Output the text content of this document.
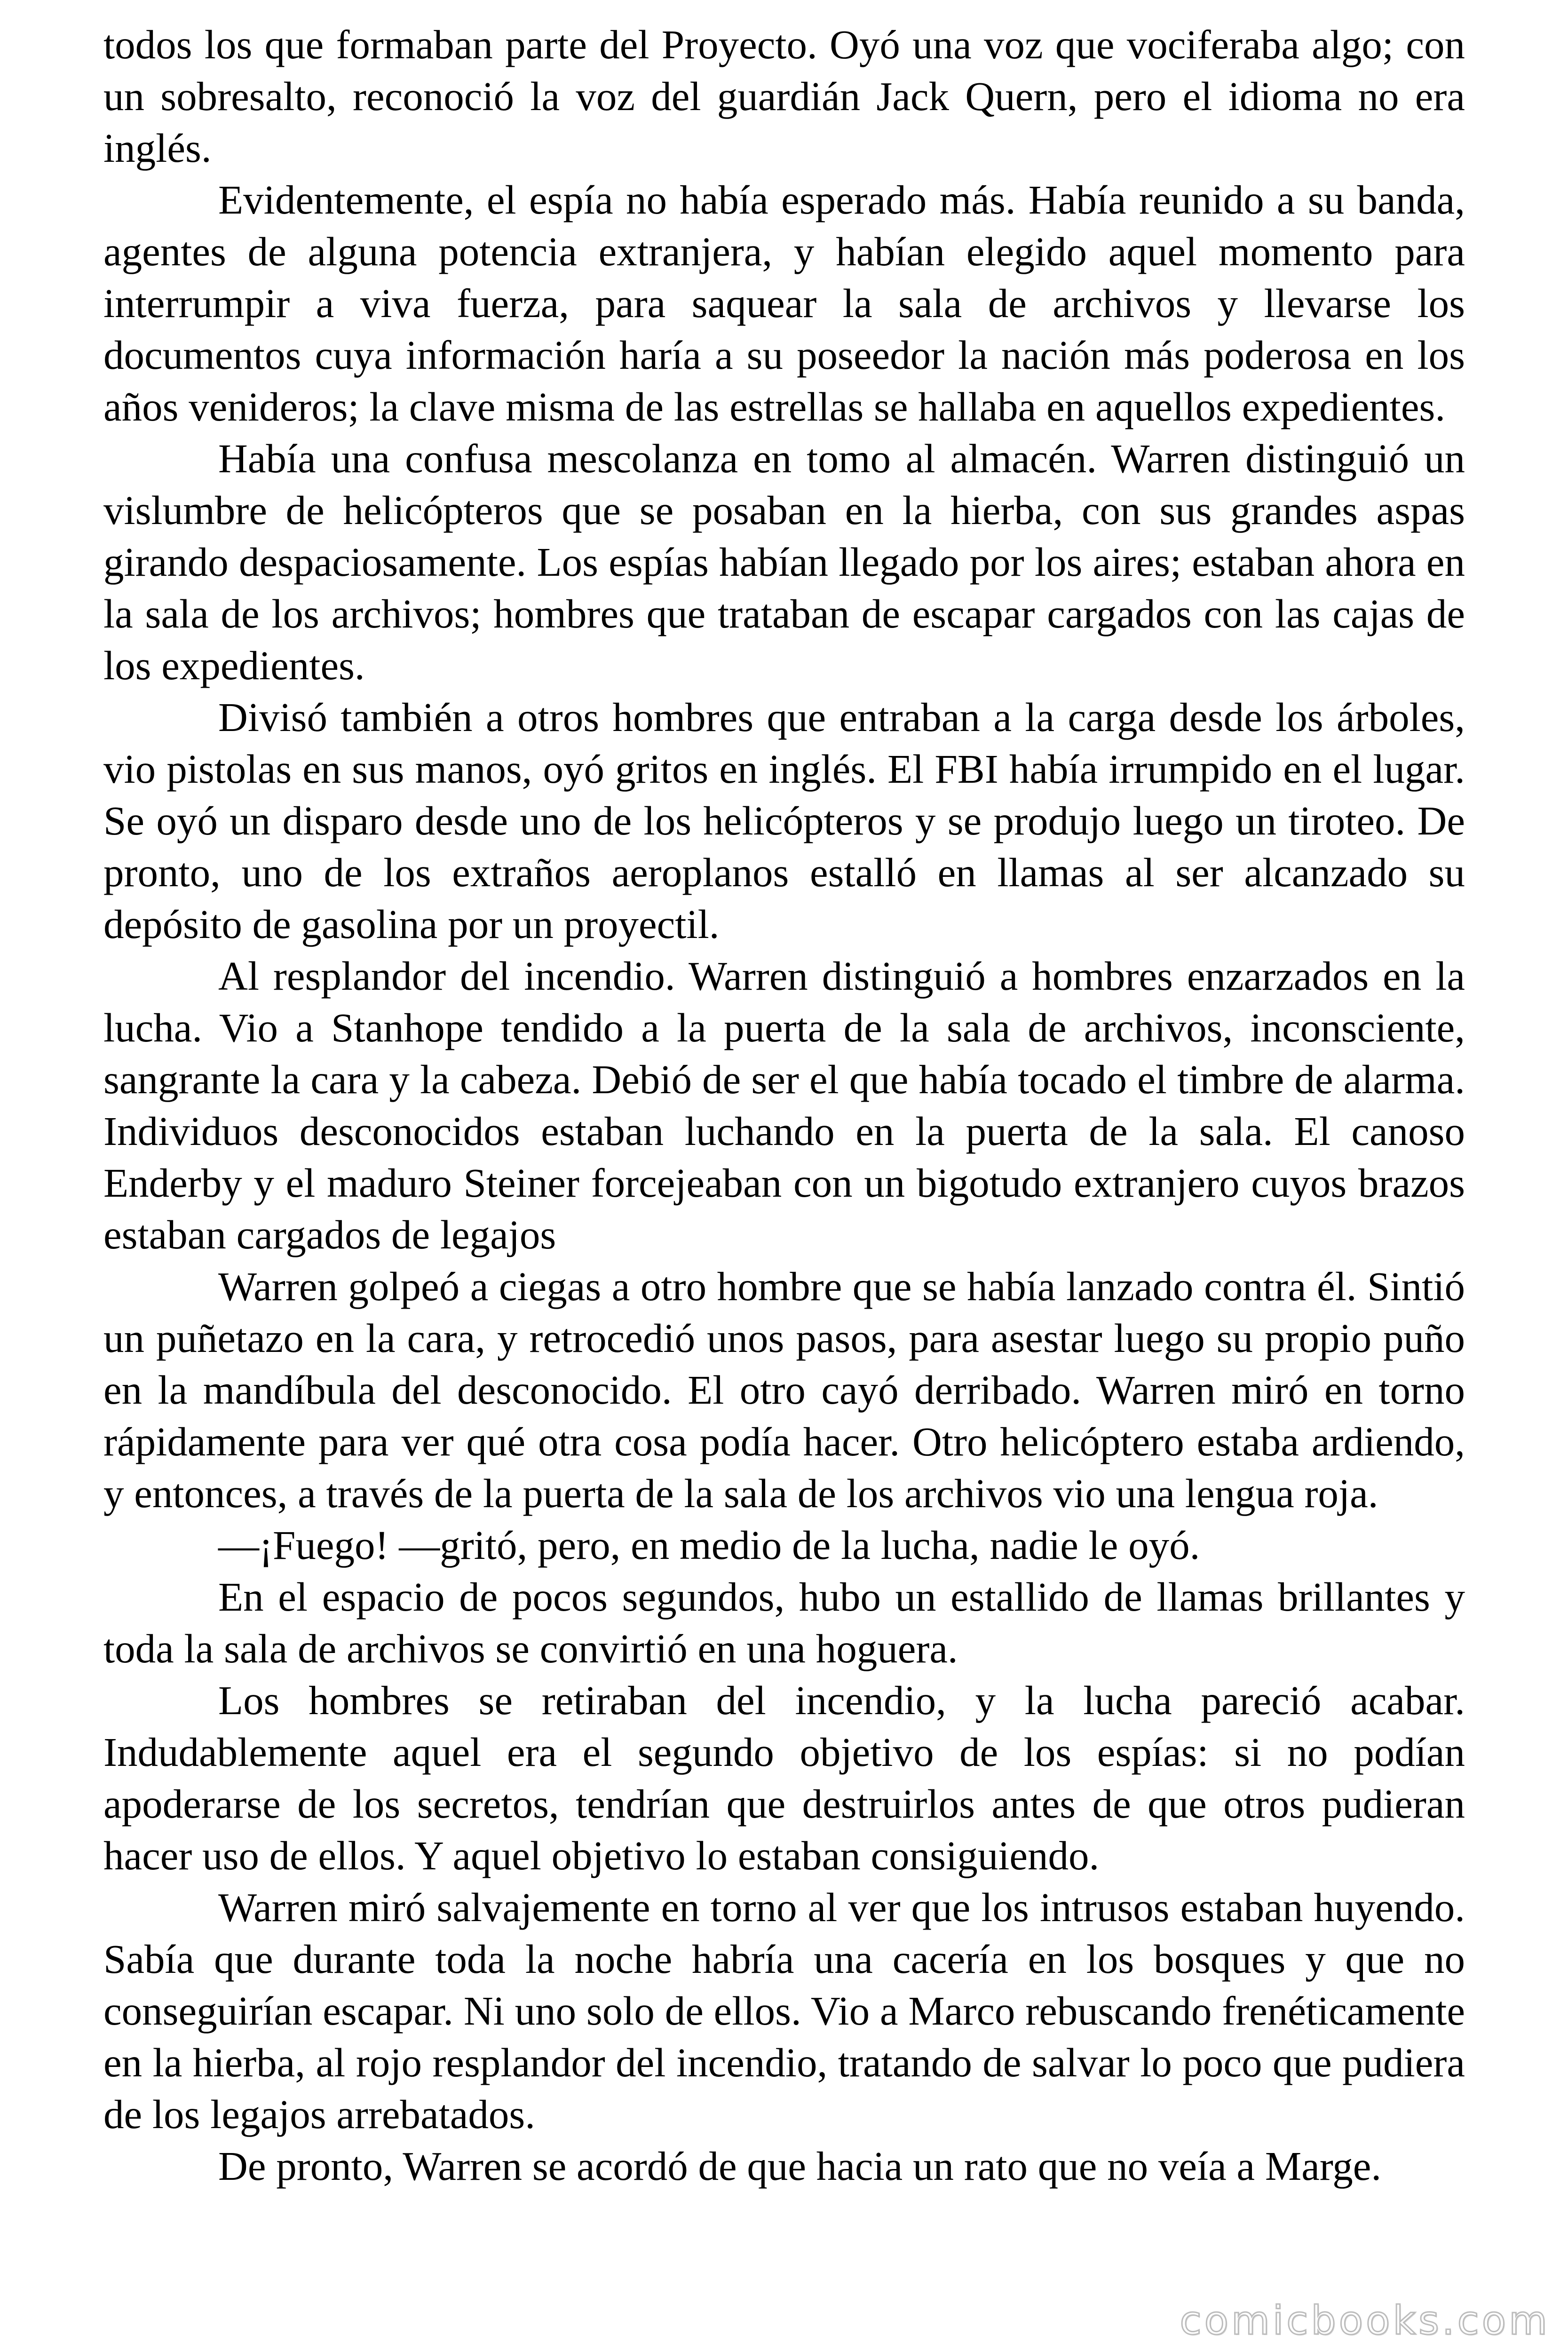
todos los que formaban parte del Proyecto. Oyó una voz que vociferaba algo; con un sobresalto, reconoció la voz del guardián Jack Quern, pero el idioma no era inglés.

Evidentemente, el espía no había esperado más. Había reunido a su banda, agentes de alguna potencia extranjera, y habían elegido aquel momento para interrumpir a viva fuerza, para saquear la sala de archivos y llevarse los documentos cuya información haría a su poseedor la nación más poderosa en los años venideros; la clave misma de las estrellas se hallaba en aquellos expedientes.

Había una confusa mescolanza en tomo al almacén. Warren distinguió un vislumbre de helicópteros que se posaban en la hierba, con sus grandes aspas girando despaciosamente. Los espías habían llegado por los aires; estaban ahora en la sala de los archivos; hombres que trataban de escapar cargados con las cajas de los expedientes.

Divisó también a otros hombres que entraban a la carga desde los árboles, vio pistolas en sus manos, oyó gritos en inglés. El FBI había irrumpido en el lugar. Se oyó un disparo desde uno de los helicópteros y se produjo luego un tiroteo. De pronto, uno de los extraños aeroplanos estalló en llamas al ser alcanzado su depósito de gasolina por un proyectil.

Al resplandor del incendio. Warren distinguió a hombres enzarzados en la lucha. Vio a Stanhope tendido a la puerta de la sala de archivos, inconsciente, sangrante la cara y la cabeza. Debió de ser el que había tocado el timbre de alarma. Individuos desconocidos estaban luchando en la puerta de la sala. El canoso Enderby y el maduro Steiner forcejeaban con un bigotudo extranjero cuyos brazos estaban cargados de legajos

Warren golpeó a ciegas a otro hombre que se había lanzado contra él. Sintió un puñetazo en la cara, y retrocedió unos pasos, para asestar luego su propio puño en la mandíbula del desconocido. El otro cayó derribado. Warren miró en torno rápidamente para ver qué otra cosa podía hacer. Otro helicóptero estaba ardiendo, y entonces, a través de la puerta de la sala de los archivos vio una lengua roja.

—¡Fuego! —gritó, pero, en medio de la lucha, nadie le oyó.

En el espacio de pocos segundos, hubo un estallido de llamas brillantes y toda la sala de archivos se convirtió en una hoguera.

Los hombres se retiraban del incendio, y la lucha pareció acabar. Indudablemente aquel era el segundo objetivo de los espías: si no podían apoderarse de los secretos, tendrían que destruirlos antes de que otros pudieran hacer uso de ellos. Y aquel objetivo lo estaban consiguiendo.

Warren miró salvajemente en torno al ver que los intrusos estaban huyendo. Sabía que durante toda la noche habría una cacería en los bosques y que no conseguirían escapar. Ni uno solo de ellos. Vio a Marco rebuscando frenéticamente en la hierba, al rojo resplandor del incendio, tratando de salvar lo poco que pudiera de los legajos arrebatados.

De pronto, Warren se acordó de que hacia un rato que no veía a Marge.

comicbooks.com
